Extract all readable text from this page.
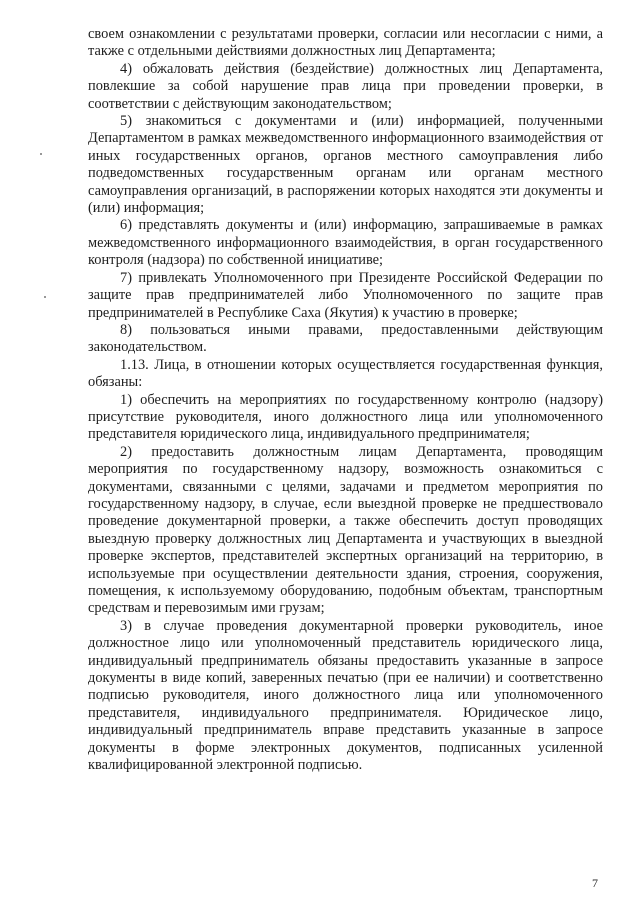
своем ознакомлении с результатами проверки, согласии или несогласии с ними, а также с отдельными действиями должностных лиц Департамента;

4) обжаловать действия (бездействие) должностных лиц Департамента, повлекшие за собой нарушение прав лица при проведении проверки, в соответствии с действующим законодательством;

5) знакомиться с документами и (или) информацией, полученными Департаментом в рамках межведомственного информационного взаимодействия от иных государственных органов, органов местного самоуправления либо подведомственных государственным органам или органам местного самоуправления организаций, в распоряжении которых находятся эти документы и (или) информация;

6) представлять документы и (или) информацию, запрашиваемые в рамках межведомственного информационного взаимодействия, в орган государственного контроля (надзора) по собственной инициативе;

7) привлекать Уполномоченного при Президенте Российской Федерации по защите прав предпринимателей либо Уполномоченного по защите прав предпринимателей в Республике Саха (Якутия) к участию в проверке;

8) пользоваться иными правами, предоставленными действующим законодательством.

1.13. Лица, в отношении которых осуществляется государственная функция, обязаны:

1) обеспечить на мероприятиях по государственному контролю (надзору) присутствие руководителя, иного должностного лица или уполномоченного представителя юридического лица, индивидуального предпринимателя;

2) предоставить должностным лицам Департамента, проводящим мероприятия по государственному надзору, возможность ознакомиться с документами, связанными с целями, задачами и предметом мероприятия по государственному надзору, в случае, если выездной проверке не предшествовало проведение документарной проверки, а также обеспечить доступ проводящих выездную проверку должностных лиц Департамента и участвующих в выездной проверке экспертов, представителей экспертных организаций на территорию, в используемые при осуществлении деятельности здания, строения, сооружения, помещения, к используемому оборудованию, подобным объектам, транспортным средствам и перевозимым ими грузам;

3) в случае проведения документарной проверки руководитель, иное должностное лицо или уполномоченный представитель юридического лица, индивидуальный предприниматель обязаны предоставить указанные в запросе документы в виде копий, заверенных печатью (при ее наличии) и соответственно подписью руководителя, иного должностного лица или уполномоченного представителя, индивидуального предпринимателя. Юридическое лицо, индивидуальный предприниматель вправе представить указанные в запросе документы в форме электронных документов, подписанных усиленной квалифицированной электронной подписью.

7
